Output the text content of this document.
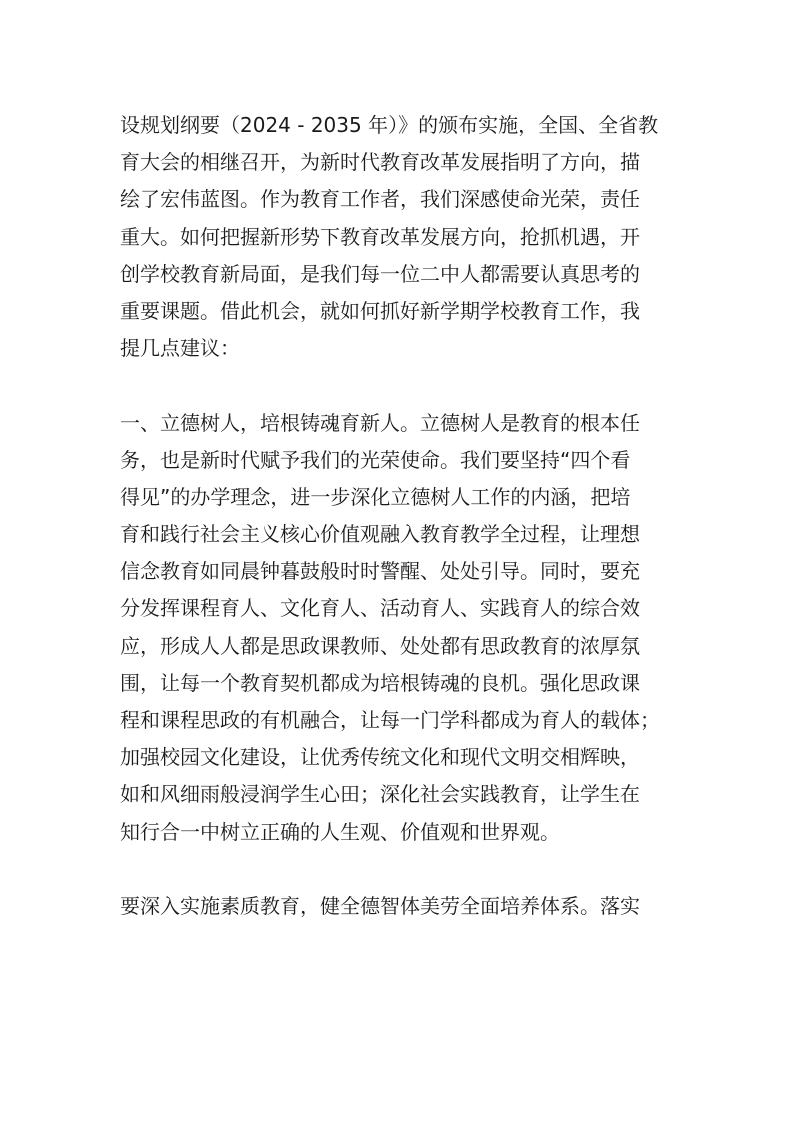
设规划纲要（2024 - 2035 年）》的颁布实施，全国、全省教
育大会的相继召开，为新时代教育改革发展指明了方向，描
绘了宏伟蓝图。作为教育工作者，我们深感使命光荣，责任
重大。如何把握新形势下教育改革发展方向，抢抓机遇，开
创学校教育新局面，是我们每一位二中人都需要认真思考的
重要课题。借此机会，就如何抓好新学期学校教育工作，我
提几点建议：
一、立德树人，培根铸魂育新人。立德树人是教育的根本任
务，也是新时代赋予我们的光荣使命。我们要坚持“四个看
得见”的办学理念，进一步深化立德树人工作的内涵，把培
育和践行社会主义核心价值观融入教育教学全过程，让理想
信念教育如同晨钟暮鼓般时时警醒、处处引导。同时，要充
分发挥课程育人、文化育人、活动育人、实践育人的综合效
应，形成人人都是思政课教师、处处都有思政教育的浓厚氛
围，让每一个教育契机都成为培根铸魂的良机。强化思政课
程和课程思政的有机融合，让每一门学科都成为育人的载体；
加强校园文化建设，让优秀传统文化和现代文明交相辉映，
如和风细雨般浸润学生心田；深化社会实践教育，让学生在
知行合一中树立正确的人生观、价值观和世界观。
要深入实施素质教育，健全德智体美劳全面培养体系。落实
